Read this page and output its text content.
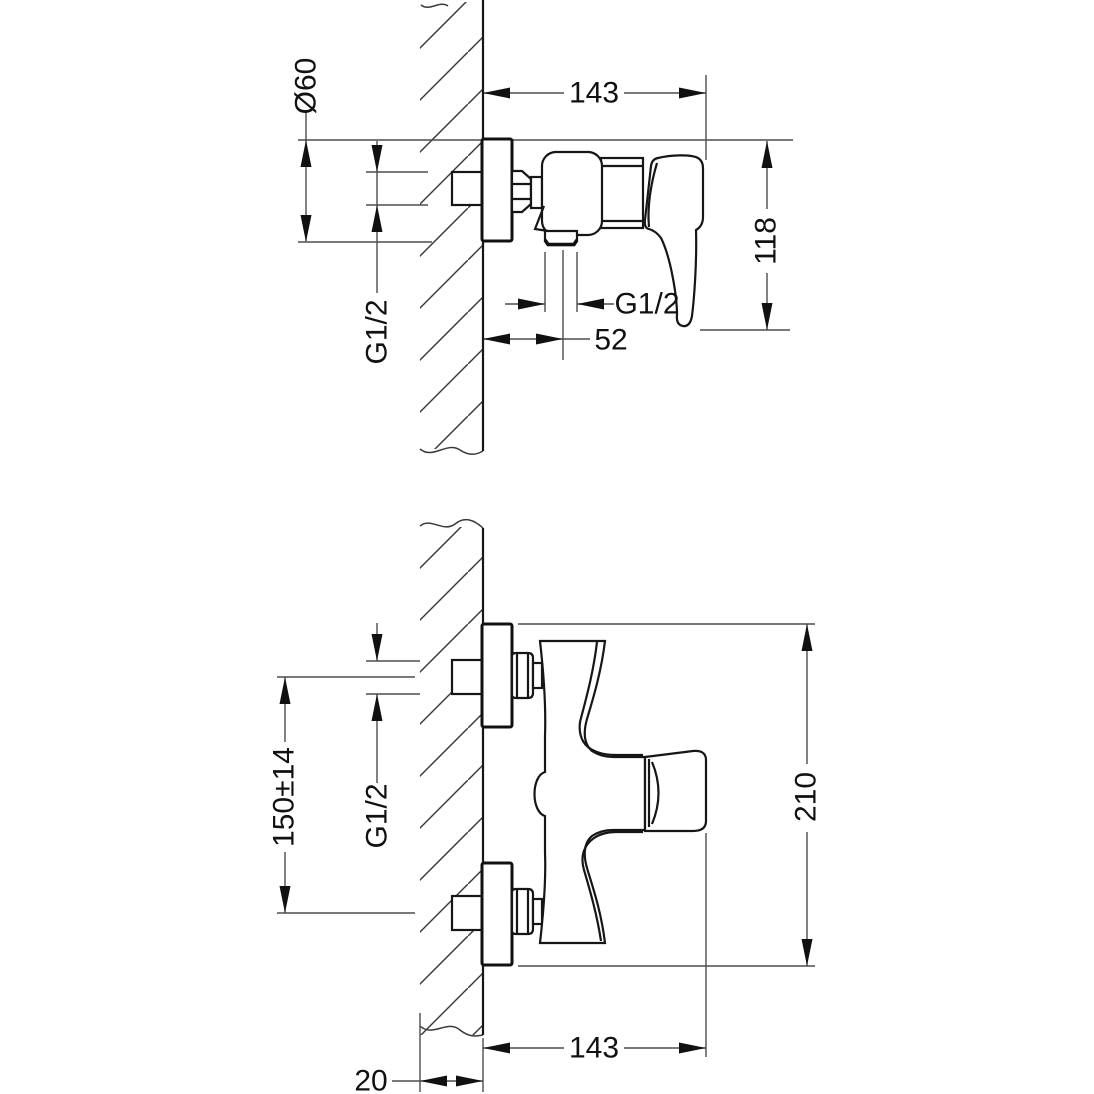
Ø60	143
118
G1/2	G1/2
52
150±14 G1/2	210
143
20
